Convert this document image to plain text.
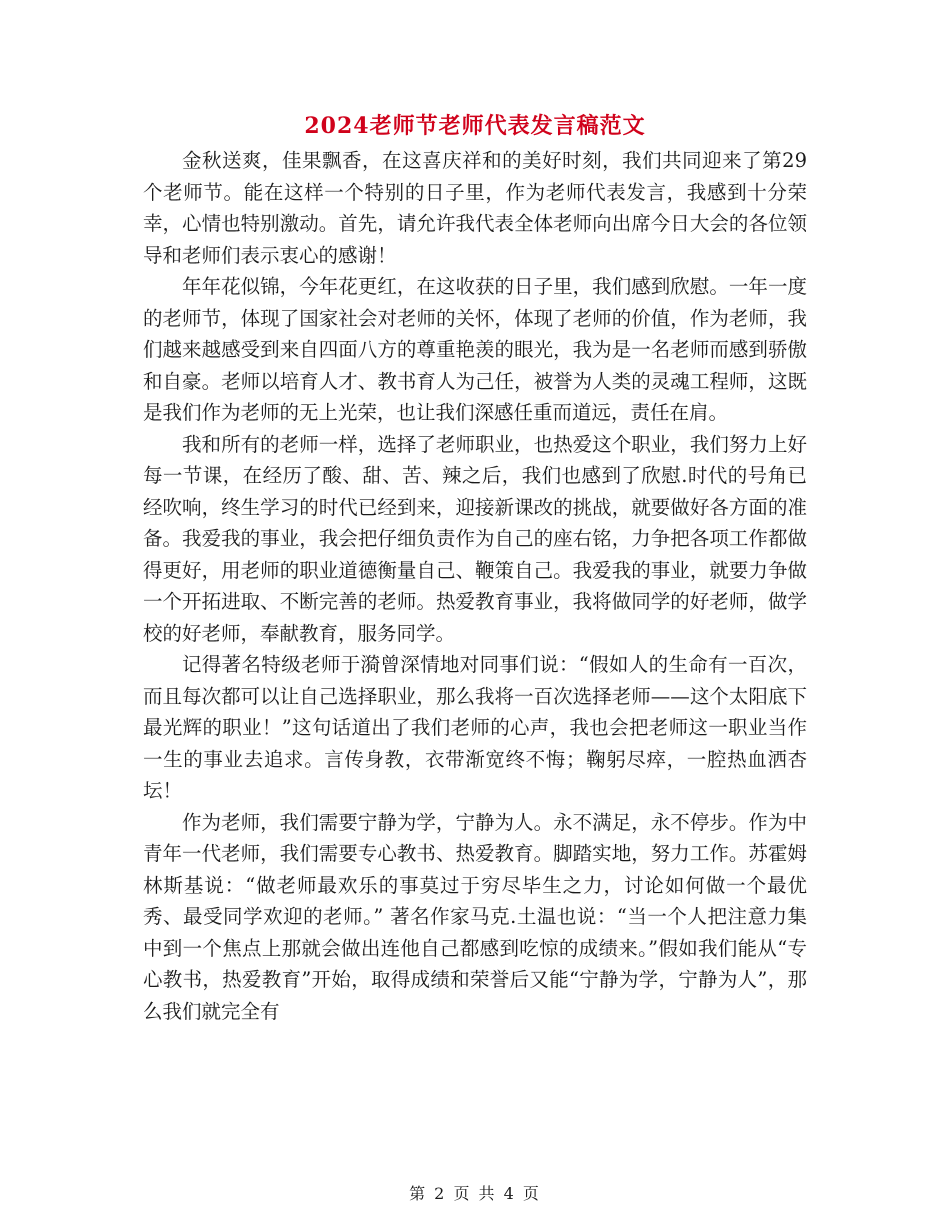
2024老师节老师代表发言稿范文

金秋送爽，佳果飘香，在这喜庆祥和的美好时刻，我们共同迎来了第29个老师节。能在这样一个特别的日子里，作为老师代表发言，我感到十分荣幸，心情也特别激动。首先，请允许我代表全体老师向出席今日大会的各位领导和老师们表示衷心的感谢！

年年花似锦，今年花更红，在这收获的日子里，我们感到欣慰。一年一度的老师节，体现了国家社会对老师的关怀，体现了老师的价值，作为老师，我们越来越感受到来自四面八方的尊重艳羡的眼光，我为是一名老师而感到骄傲和自豪。老师以培育人才、教书育人为己任，被誉为人类的灵魂工程师，这既是我们作为老师的无上光荣，也让我们深感任重而道远，责任在肩。

我和所有的老师一样，选择了老师职业，也热爱这个职业，我们努力上好每一节课，在经历了酸、甜、苦、辣之后，我们也感到了欣慰.时代的号角已经吹响，终生学习的时代已经到来，迎接新课改的挑战，就要做好各方面的准备。我爱我的事业，我会把仔细负责作为自己的座右铭，力争把各项工作都做得更好，用老师的职业道德衡量自己、鞭策自己。我爱我的事业，就要力争做一个开拓进取、不断完善的老师。热爱教育事业，我将做同学的好老师，做学校的好老师，奉献教育，服务同学。

记得著名特级老师于漪曾深情地对同事们说：“假如人的生命有一百次，而且每次都可以让自己选择职业，那么我将一百次选择老师——这个太阳底下最光辉的职业！”这句话道出了我们老师的心声，我也会把老师这一职业当作一生的事业去追求。言传身教，衣带渐宽终不悔；鞠躬尽瘁，一腔热血洒杏坛！

作为老师，我们需要宁静为学，宁静为人。永不满足，永不停步。作为中青年一代老师，我们需要专心教书、热爱教育。脚踏实地，努力工作。苏霍姆林斯基说：“做老师最欢乐的事莫过于穷尽毕生之力，讨论如何做一个最优秀、最受同学欢迎的老师。” 著名作家马克.土温也说：“当一个人把注意力集中到一个焦点上那就会做出连他自己都感到吃惊的成绩来。”假如我们能从“专心教书，热爱教育”开始，取得成绩和荣誉后又能“宁静为学，宁静为人”，那么我们就完全有

第 2 页 共 4 页
